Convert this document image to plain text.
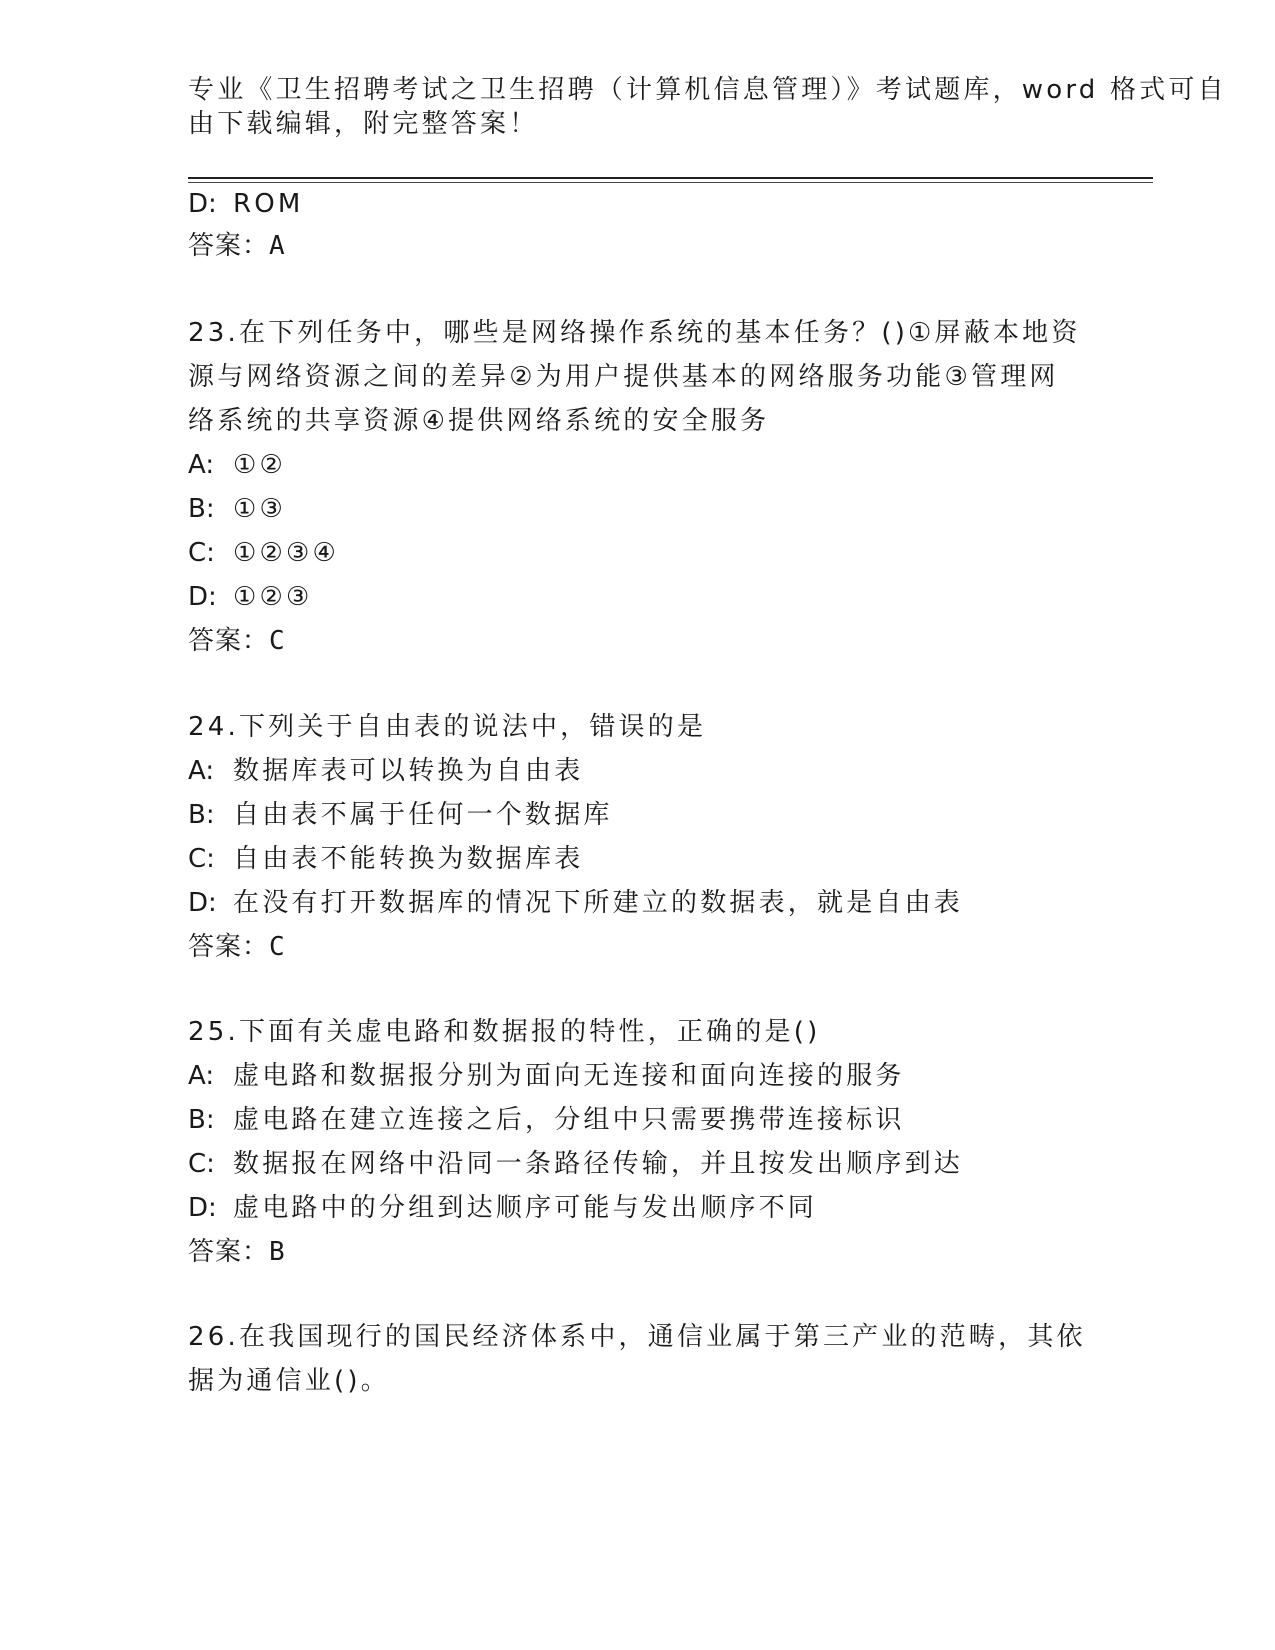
专业《卫生招聘考试之卫生招聘（计算机信息管理）》考试题库，word 格式可自
由下载编辑，附完整答案！
D: ROM
答案：A
23.在下列任务中，哪些是网络操作系统的基本任务？()①屏蔽本地资
源与网络资源之间的差异②为用户提供基本的网络服务功能③管理网
络系统的共享资源④提供网络系统的安全服务
A: ①②
B: ①③
C: ①②③④
D: ①②③
答案：C
24.下列关于自由表的说法中，错误的是
A: 数据库表可以转换为自由表
B: 自由表不属于任何一个数据库
C: 自由表不能转换为数据库表
D: 在没有打开数据库的情况下所建立的数据表，就是自由表
答案：C
25.下面有关虚电路和数据报的特性，正确的是()
A: 虚电路和数据报分别为面向无连接和面向连接的服务
B: 虚电路在建立连接之后，分组中只需要携带连接标识
C: 数据报在网络中沿同一条路径传输，并且按发出顺序到达
D: 虚电路中的分组到达顺序可能与发出顺序不同
答案：B
26.在我国现行的国民经济体系中，通信业属于第三产业的范畴，其依
据为通信业()。
